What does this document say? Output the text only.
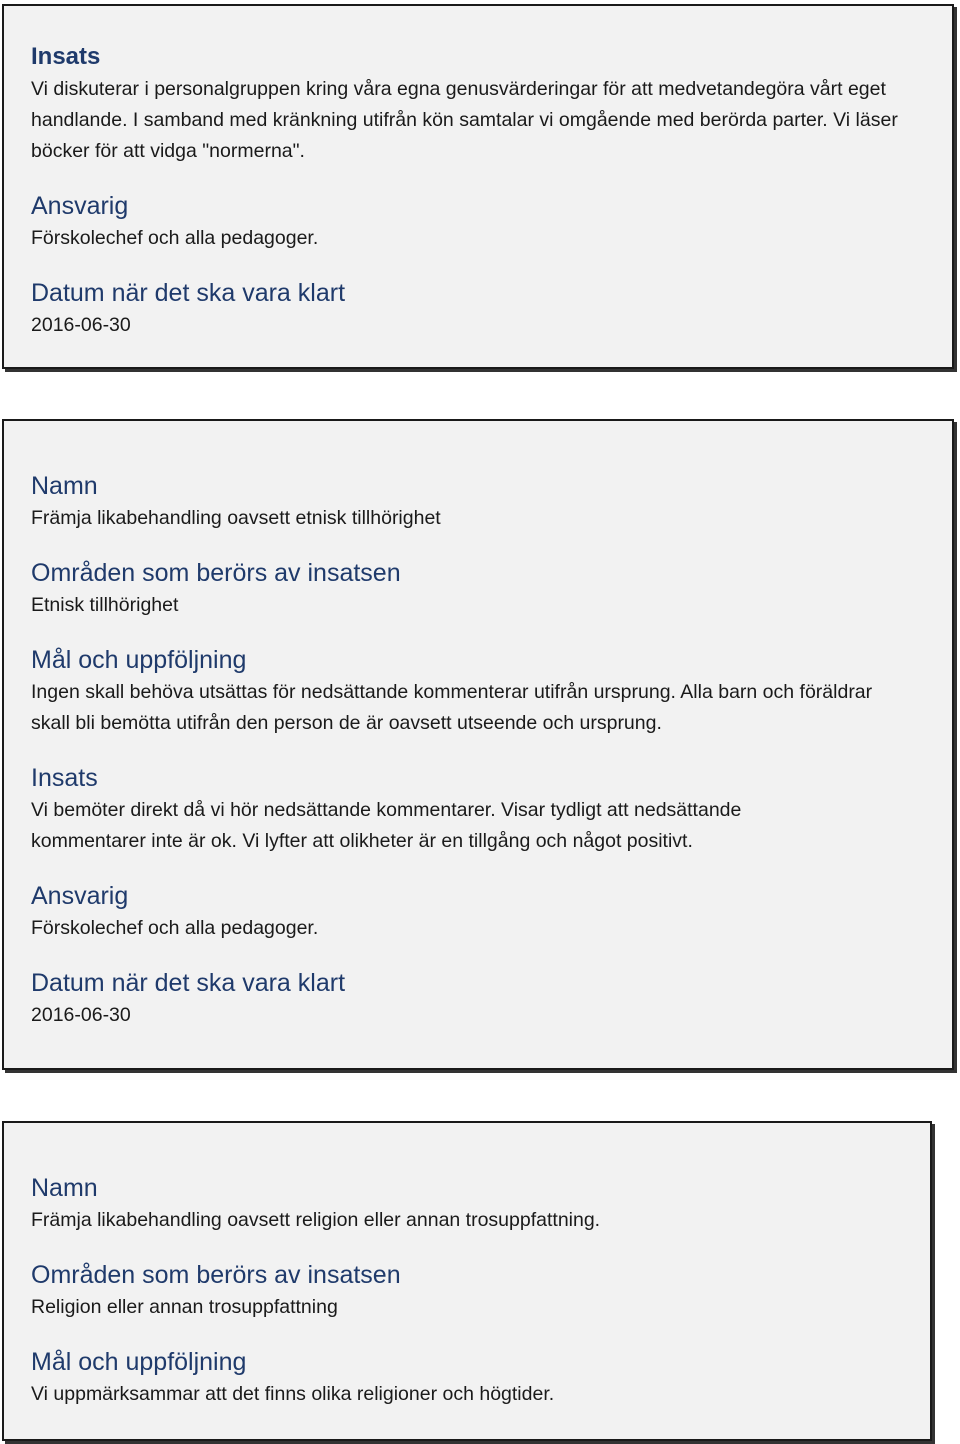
Insats
Vi diskuterar i personalgruppen kring våra egna genusvärderingar för att medvetandegöra vårt eget handlande. I samband med kränkning utifrån kön samtalar vi omgående med berörda parter. Vi läser böcker för att vidga "normerna".
Ansvarig
Förskolechef och alla pedagoger.
Datum när det ska vara klart
2016-06-30
Namn
Främja likabehandling oavsett etnisk tillhörighet
Områden som berörs av insatsen
Etnisk tillhörighet
Mål och uppföljning
Ingen skall behöva utsättas för nedsättande kommenterar utifrån ursprung. Alla barn och föräldrar skall bli bemötta utifrån den person de är oavsett utseende och ursprung.
Insats
Vi bemöter direkt då vi hör nedsättande kommentarer. Visar tydligt att nedsättande kommentarer inte är ok. Vi lyfter att olikheter är en tillgång och något positivt.
Ansvarig
Förskolechef och alla pedagoger.
Datum när det ska vara klart
2016-06-30
Namn
Främja likabehandling oavsett religion eller annan trosuppfattning.
Områden som berörs av insatsen
Religion eller annan trosuppfattning
Mål och uppföljning
Vi uppmärksammar att det finns olika religioner och högtider.
